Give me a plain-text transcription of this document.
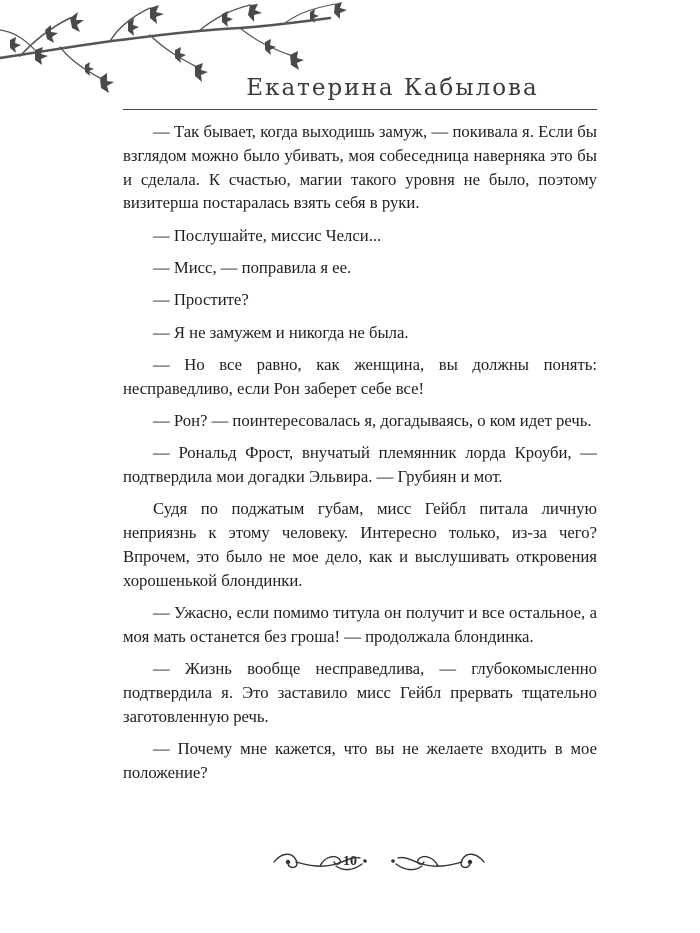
Екатерина Кабылова

— Так бывает, когда выходишь замуж, — покивала я. Если бы взглядом можно было убивать, моя собеседница наверняка это бы и сделала. К счастью, магии такого уровня не было, поэтому визитерша постаралась взять себя в руки.

— Послушайте, миссис Челси...

— Мисс, — поправила я ее.

— Простите?

— Я не замужем и никогда не была.

— Но все равно, как женщина, вы должны понять: несправедливо, если Рон заберет себе все!

— Рон? — поинтересовалась я, догадываясь, о ком идет речь.

— Рональд Фрост, внучатый племянник лорда Кроуби, — подтвердила мои догадки Эльвира. — Грубиян и мот.

Судя по поджатым губам, мисс Гейбл питала личную неприязнь к этому человеку. Интересно только, из-за чего? Впрочем, это было не мое дело, как и выслушивать откровения хорошенькой блондинки.

— Ужасно, если помимо титула он получит и все остальное, а моя мать останется без гроша! — продолжала блондинка.

— Жизнь вообще несправедлива, — глубокомысленно подтвердила я. Это заставило мисс Гейбл прервать тщательно заготовленную речь.

— Почему мне кажется, что вы не желаете входить в мое положение?

10
